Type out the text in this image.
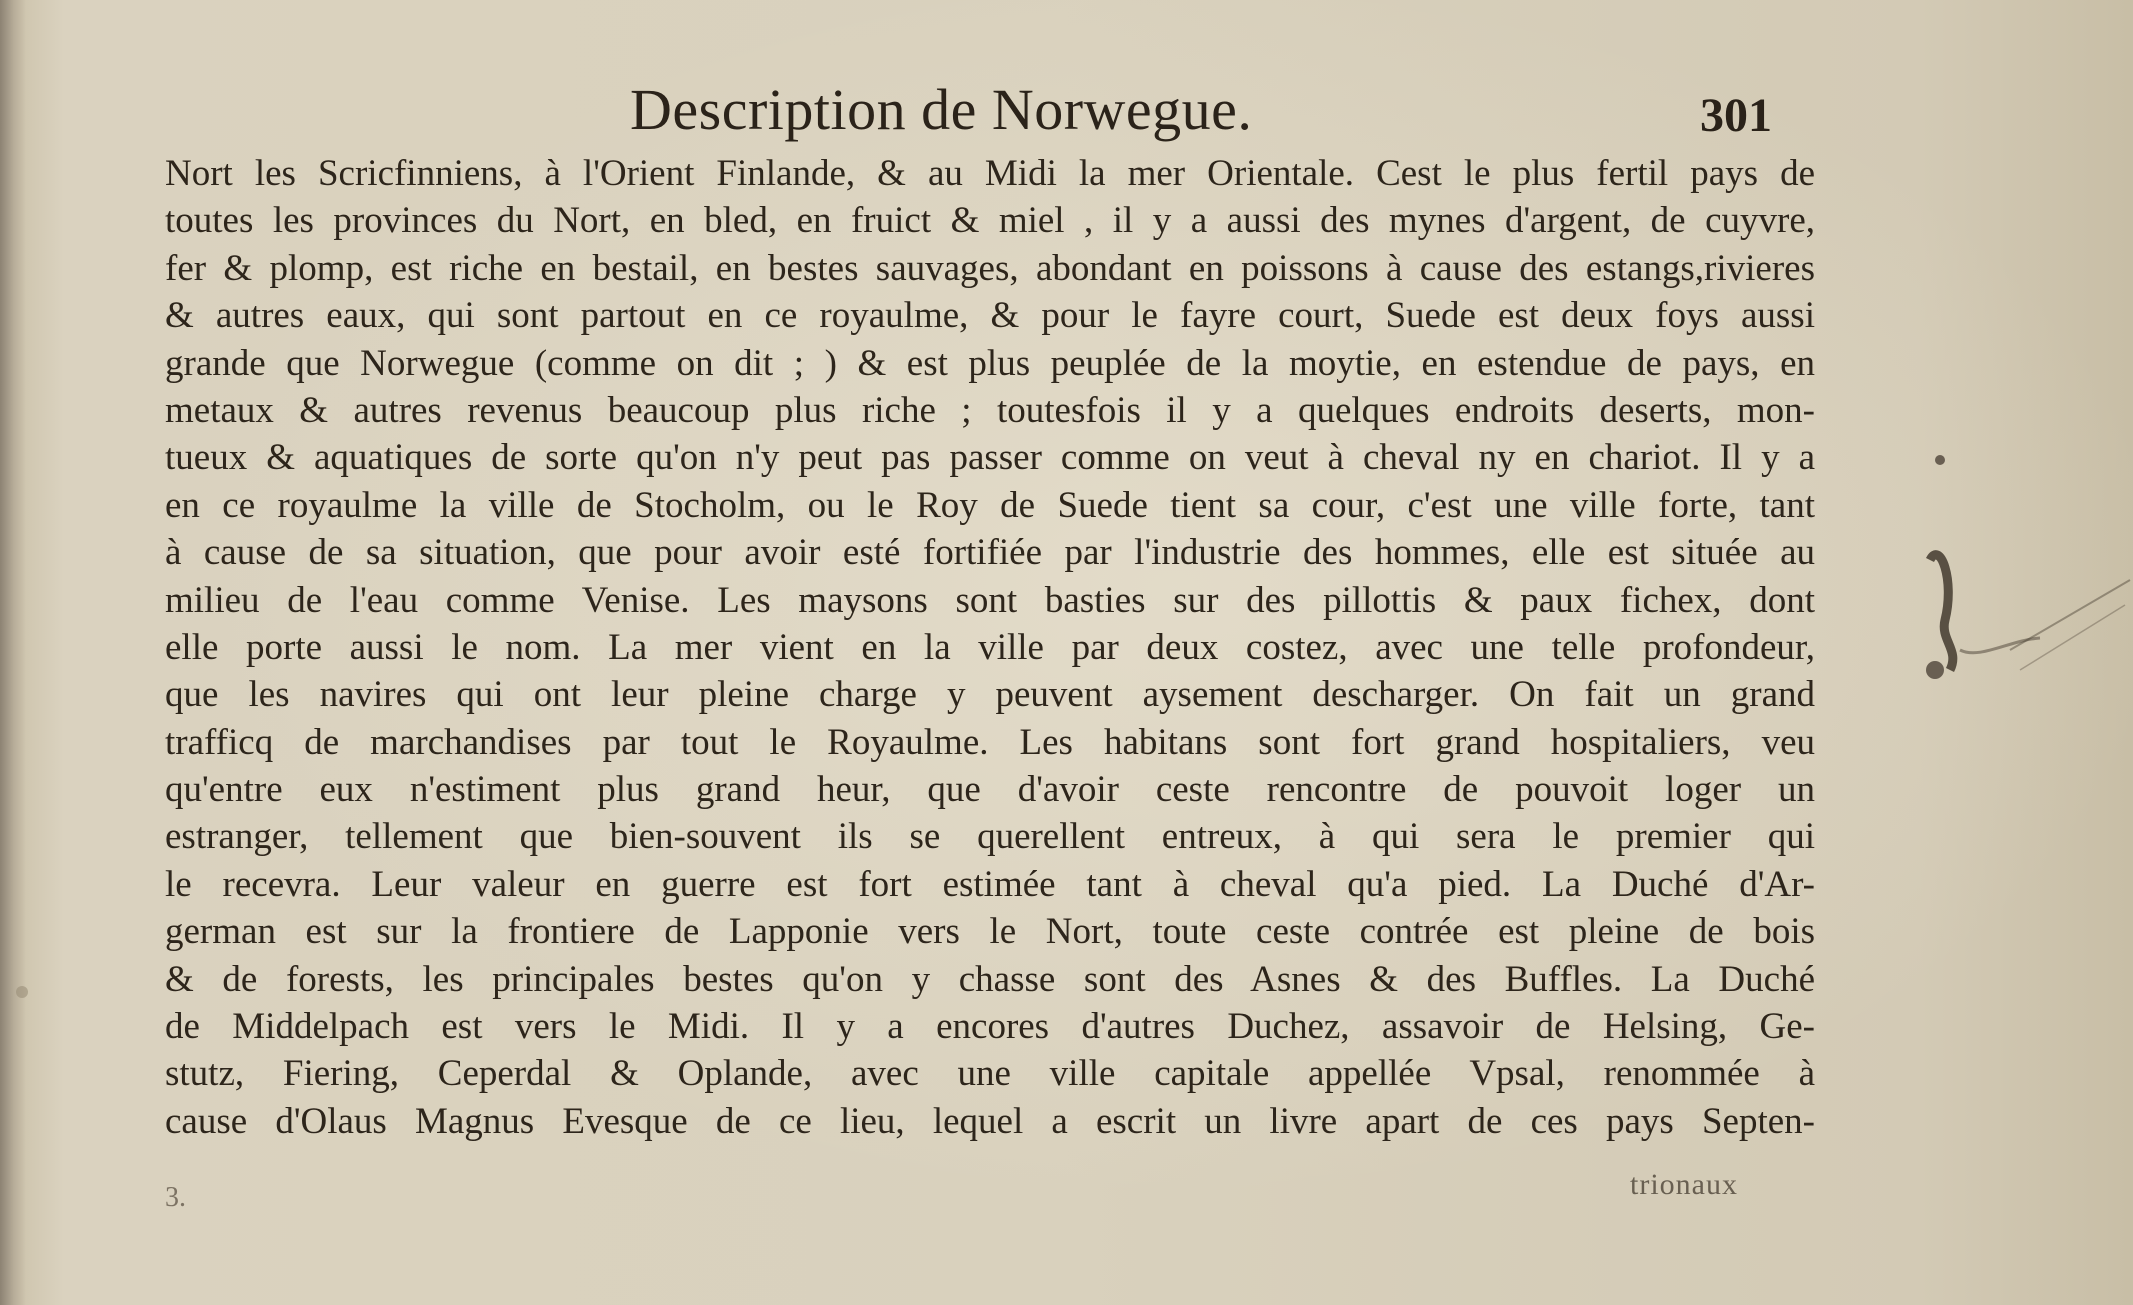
Description de Norwegue.	301
Nort les Scricfinniens, à l'Orient Finlande, & au Midi la mer Orientale. Cest le plus fertil pays de
toutes les provinces du Nort, en bled, en fruict & miel , il y a aussi des mynes d'argent, de cuyvre,
fer & plomp, est riche en bestail, en bestes sauvages, abondant en poissons à cause des estangs,rivieres
& autres eaux, qui sont partout en ce royaulme, & pour le fayre court, Suede est deux foys aussi
grande que Norwegue (comme on dit ; ) & est plus peuplée de la moytie, en estendue de pays, en
metaux & autres revenus beaucoup plus riche ; toutesfois il y a quelques endroits deserts, mon-
tueux & aquatiques de sorte qu'on n'y peut pas passer comme on veut à cheval ny en chariot. Il y a
en ce royaulme la ville de Stocholm, ou le Roy de Suede tient sa cour, c'est une ville forte, tant
à cause de sa situation, que pour avoir esté fortifiée par l'industrie des hommes, elle est située au
milieu de l'eau comme Venise. Les maysons sont basties sur des pillottis & paux fichex, dont
elle porte aussi le nom. La mer vient en la ville par deux costez, avec une telle profondeur,
que les navires qui ont leur pleine charge y peuvent aysement descharger. On fait un grand
trafficq de marchandises par tout le Royaulme. Les habitans sont fort grand hospitaliers, veu
qu'entre eux n'estiment plus grand heur, que d'avoir ceste rencontre de pouvoit loger un
estranger, tellement que bien-souvent ils se querellent entreux, à qui sera le premier qui
le recevra. Leur valeur en guerre est fort estimée tant à cheval qu'a pied. La Duché d'Ar-
german est sur la frontiere de Lapponie vers le Nort, toute ceste contrée est pleine de bois
& de forests, les principales bestes qu'on y chasse sont des Asnes & des Buffles. La Duché
de Middelpach est vers le Midi. Il y a encores d'autres Duchez, assavoir de Helsing, Ge-
stutz, Fiering, Ceperdal & Oplande, avec une ville capitale appellée Vpsal, renommée à
cause d'Olaus Magnus Evesque de ce lieu, lequel a escrit un livre apart de ces pays Septen-
3.	trionaux
